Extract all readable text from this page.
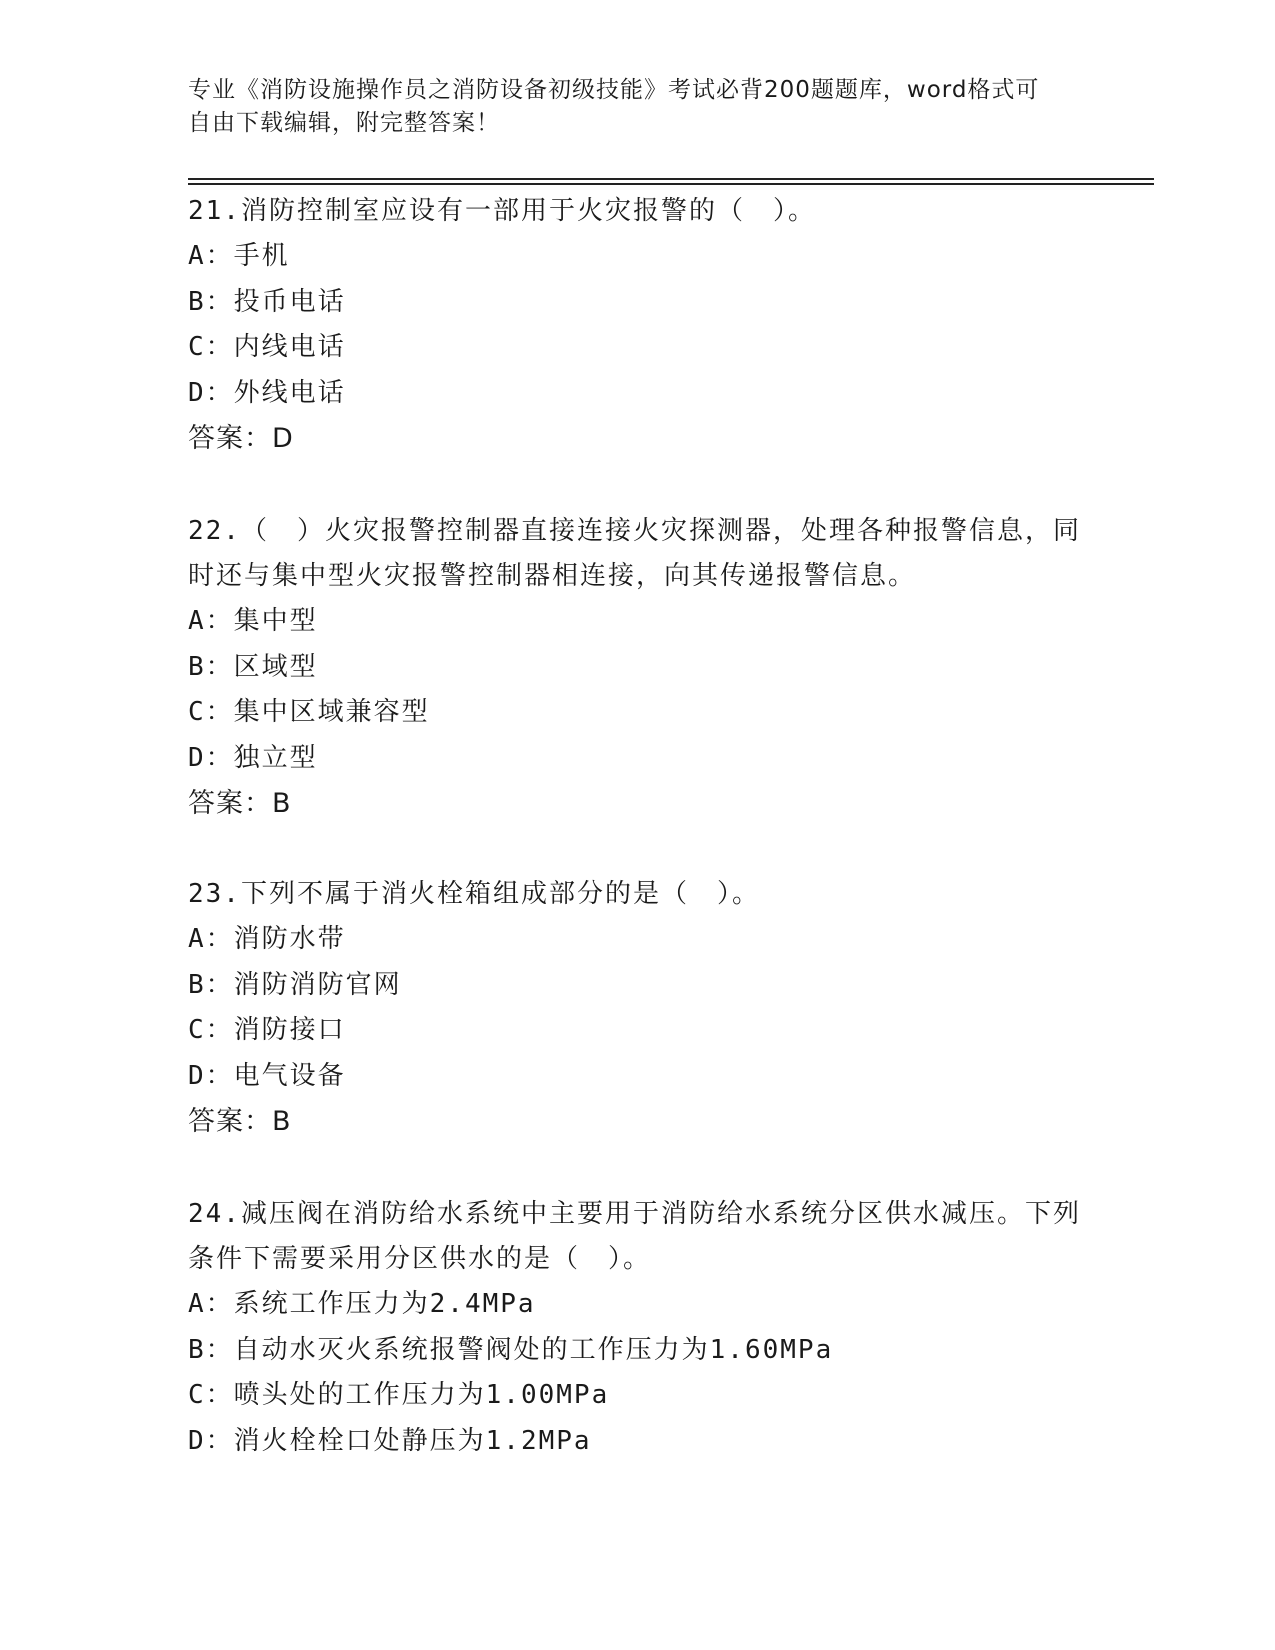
专业《消防设施操作员之消防设备初级技能》考试必背200题题库，word格式可
自由下载编辑，附完整答案！
21.消防控制室应设有一部用于火灾报警的（　）。
A：手机
B：投币电话
C：内线电话
D：外线电话
答案：D
22.（　）火灾报警控制器直接连接火灾探测器，处理各种报警信息，同时还与集中型火灾报警控制器相连接，向其传递报警信息。
A：集中型
B：区域型
C：集中区域兼容型
D：独立型
答案：B
23.下列不属于消火栓箱组成部分的是（　）。
A：消防水带
B：消防消防官网
C：消防接口
D：电气设备
答案：B
24.减压阀在消防给水系统中主要用于消防给水系统分区供水减压。下列条件下需要采用分区供水的是（　）。
A：系统工作压力为2.4MPa
B：自动水灭火系统报警阀处的工作压力为1.60MPa
C：喷头处的工作压力为1.00MPa
D：消火栓栓口处静压为1.2MPa
